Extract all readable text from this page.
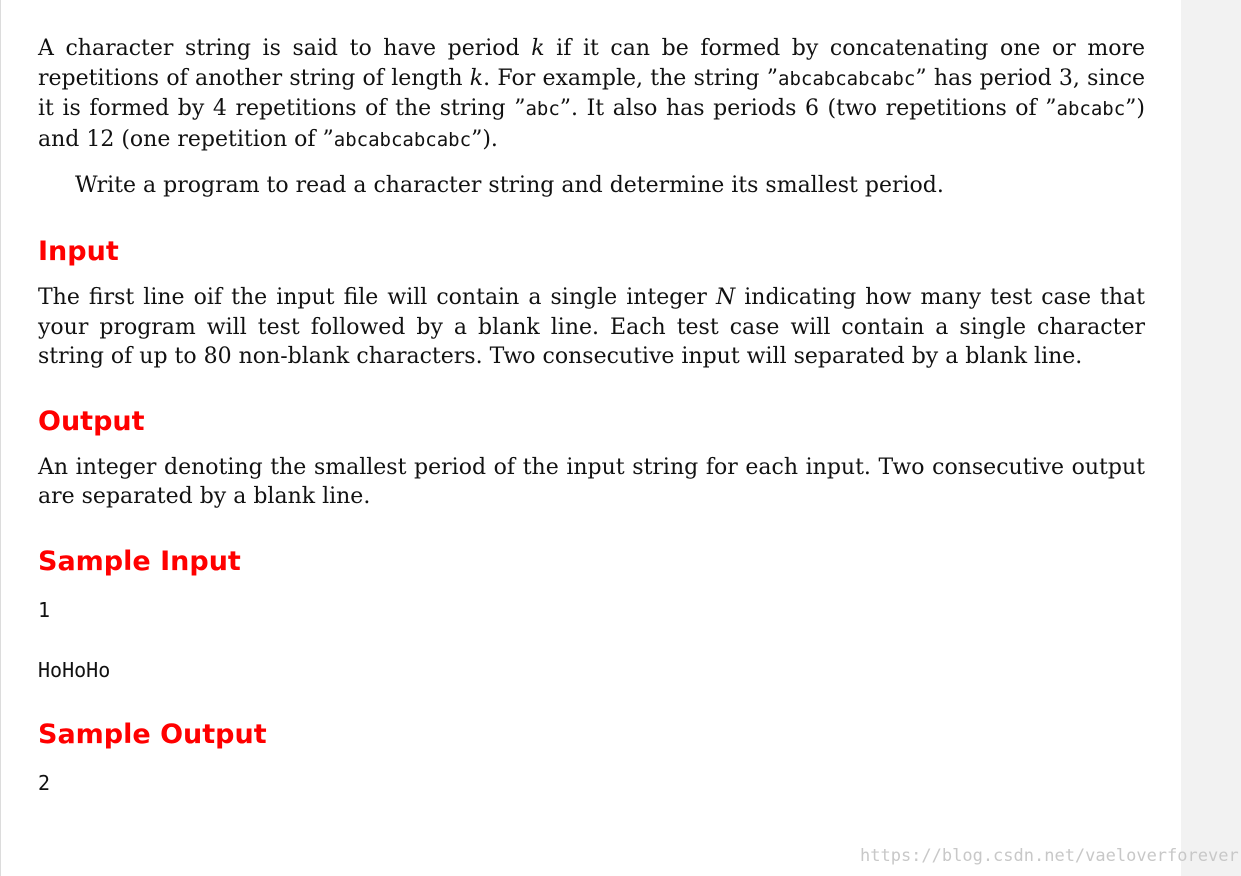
A character string is said to have period k if it can be formed by concatenating one or more repetitions of another string of length k. For example, the string ”abcabcabcabc” has period 3, since it is formed by 4 repetitions of the string ”abc”. It also has periods 6 (two repetitions of ”abcabc”) and 12 (one repetition of ”abcabcabcabc”).

Write a program to read a character string and determine its smallest period.

Input

The first line oif the input file will contain a single integer N indicating how many test case that your program will test followed by a blank line. Each test case will contain a single character string of up to 80 non-blank characters. Two consecutive input will separated by a blank line.

Output

An integer denoting the smallest period of the input string for each input. Two consecutive output are separated by a blank line.

Sample Input
1
HoHoHo
Sample Output
2
https://blog.csdn.net/vaeloverforever
